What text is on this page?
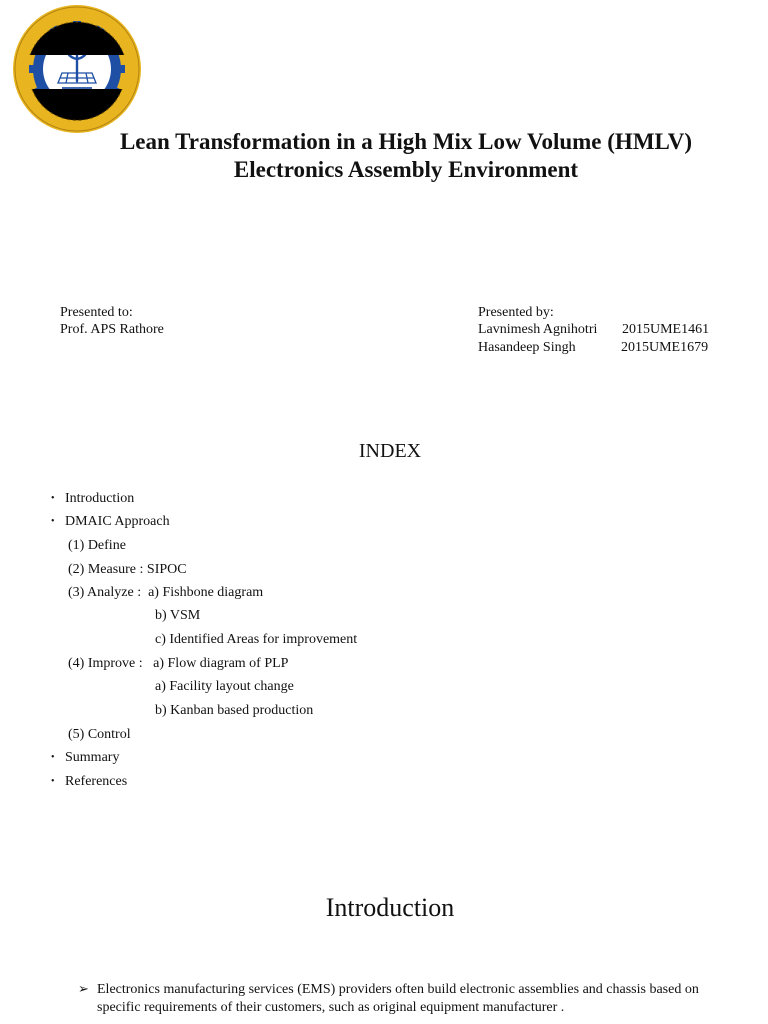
Lean Transformation in a High Mix Low Volume (HMLV)
Electronics Assembly Environment
Presented to:
Prof. APS Rathore
Presented by:
Lavnimesh Agnihotri 2015UME1461
Hasandeep Singh	2015UME1679
INDEX
• Introduction
• DMAIC Approach
(1) Define
(2) Measure : SIPOC
(3) Analyze :  a) Fishbone diagram
b) VSM
c) Identified Areas for improvement
(4) Improve :   a) Flow diagram of PLP
a) Facility layout change
b) Kanban based production
(5) Control
• Summary
• References
Introduction
➢ Electronics manufacturing services (EMS) providers often build electronic assemblies and chassis based on specific requirements of their customers, such as original equipment manufacturer .
